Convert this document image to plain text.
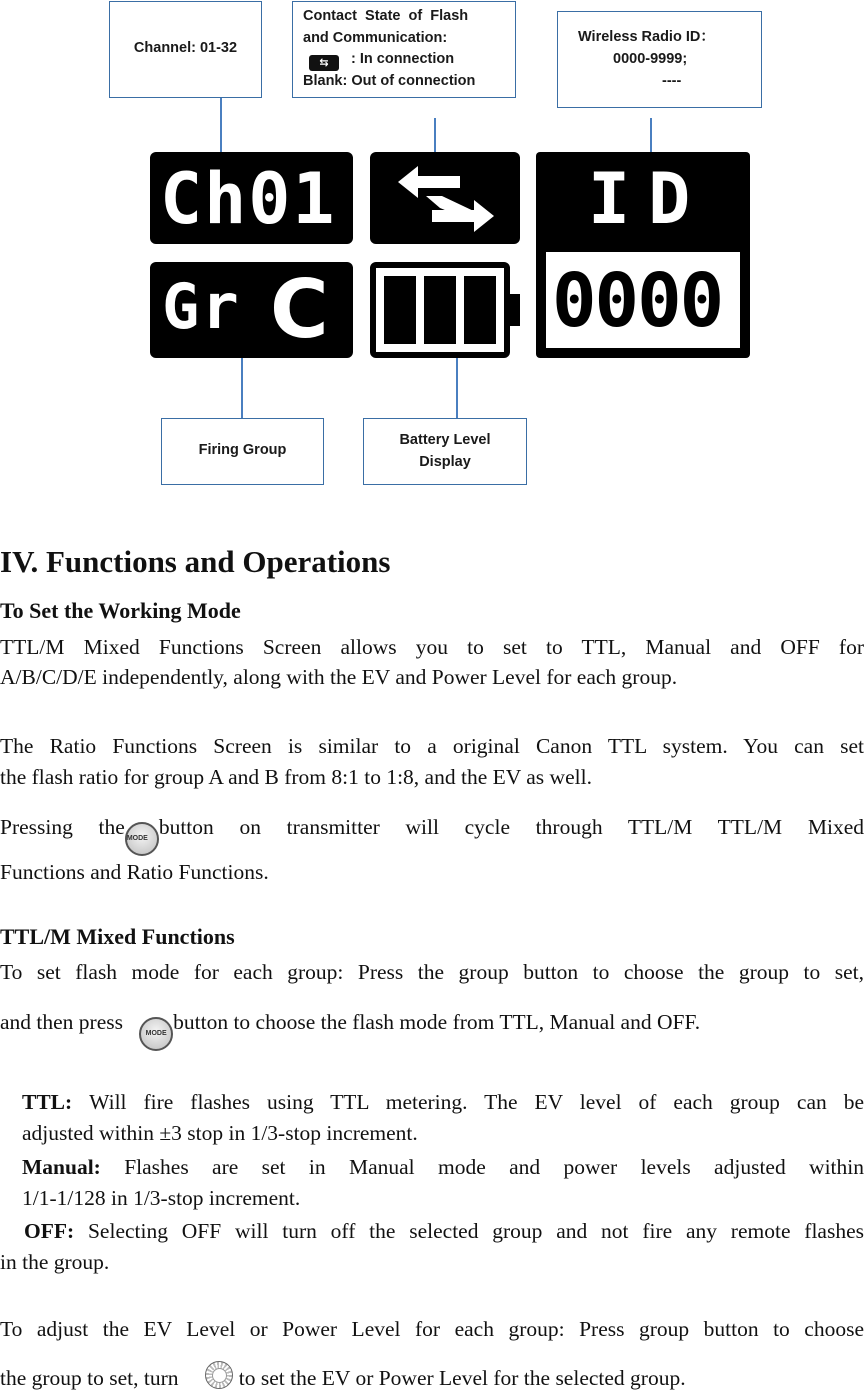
Channel: 01-32
Contact  State  of  Flash
and Communication:
⇆ : In connection
Blank: Out of connection
Wireless Radio ID：
0000-9999;
----
Firing Group
Battery Level
Display
Ch01
Gr C
ID
0000
IV. Functions and Operations
To Set the Working Mode
TTL/M  Mixed  Functions  Screen  allows  you  to  set  to  TTL,  Manual  and  OFF  for
A/B/C/D/E independently, along with the EV and Power Level for each group.
The Ratio Functions Screen is similar to a original Canon TTL system. You can set
the flash ratio for group A and B from 8:1 to 1:8, and the EV as well.
Pressing  the MODE button  on  transmitter  will  cycle  through  TTL/M  TTL/M  Mixed
Functions and Ratio Functions.
TTL/M Mixed Functions
To set flash mode for each group: Press the group button to choose the group to set,
and then press	MODE button to choose the flash mode from TTL, Manual and OFF.
TTL: Will  fire  flashes  using  TTL  metering.  The  EV  level  of  each  group  can  be
adjusted within ±3 stop in 1/3-stop increment.
Manual: Flashes  are  set  in  Manual  mode  and  power  levels  adjusted  within
1/1-1/128 in 1/3-stop increment.
OFF: Selecting OFF will turn off the selected group and not fire any remote flashes
in the group.
To adjust the EV Level or Power Level for each group: Press group button to choose
the group to set, turn	to set the EV or Power Level for the selected group.
